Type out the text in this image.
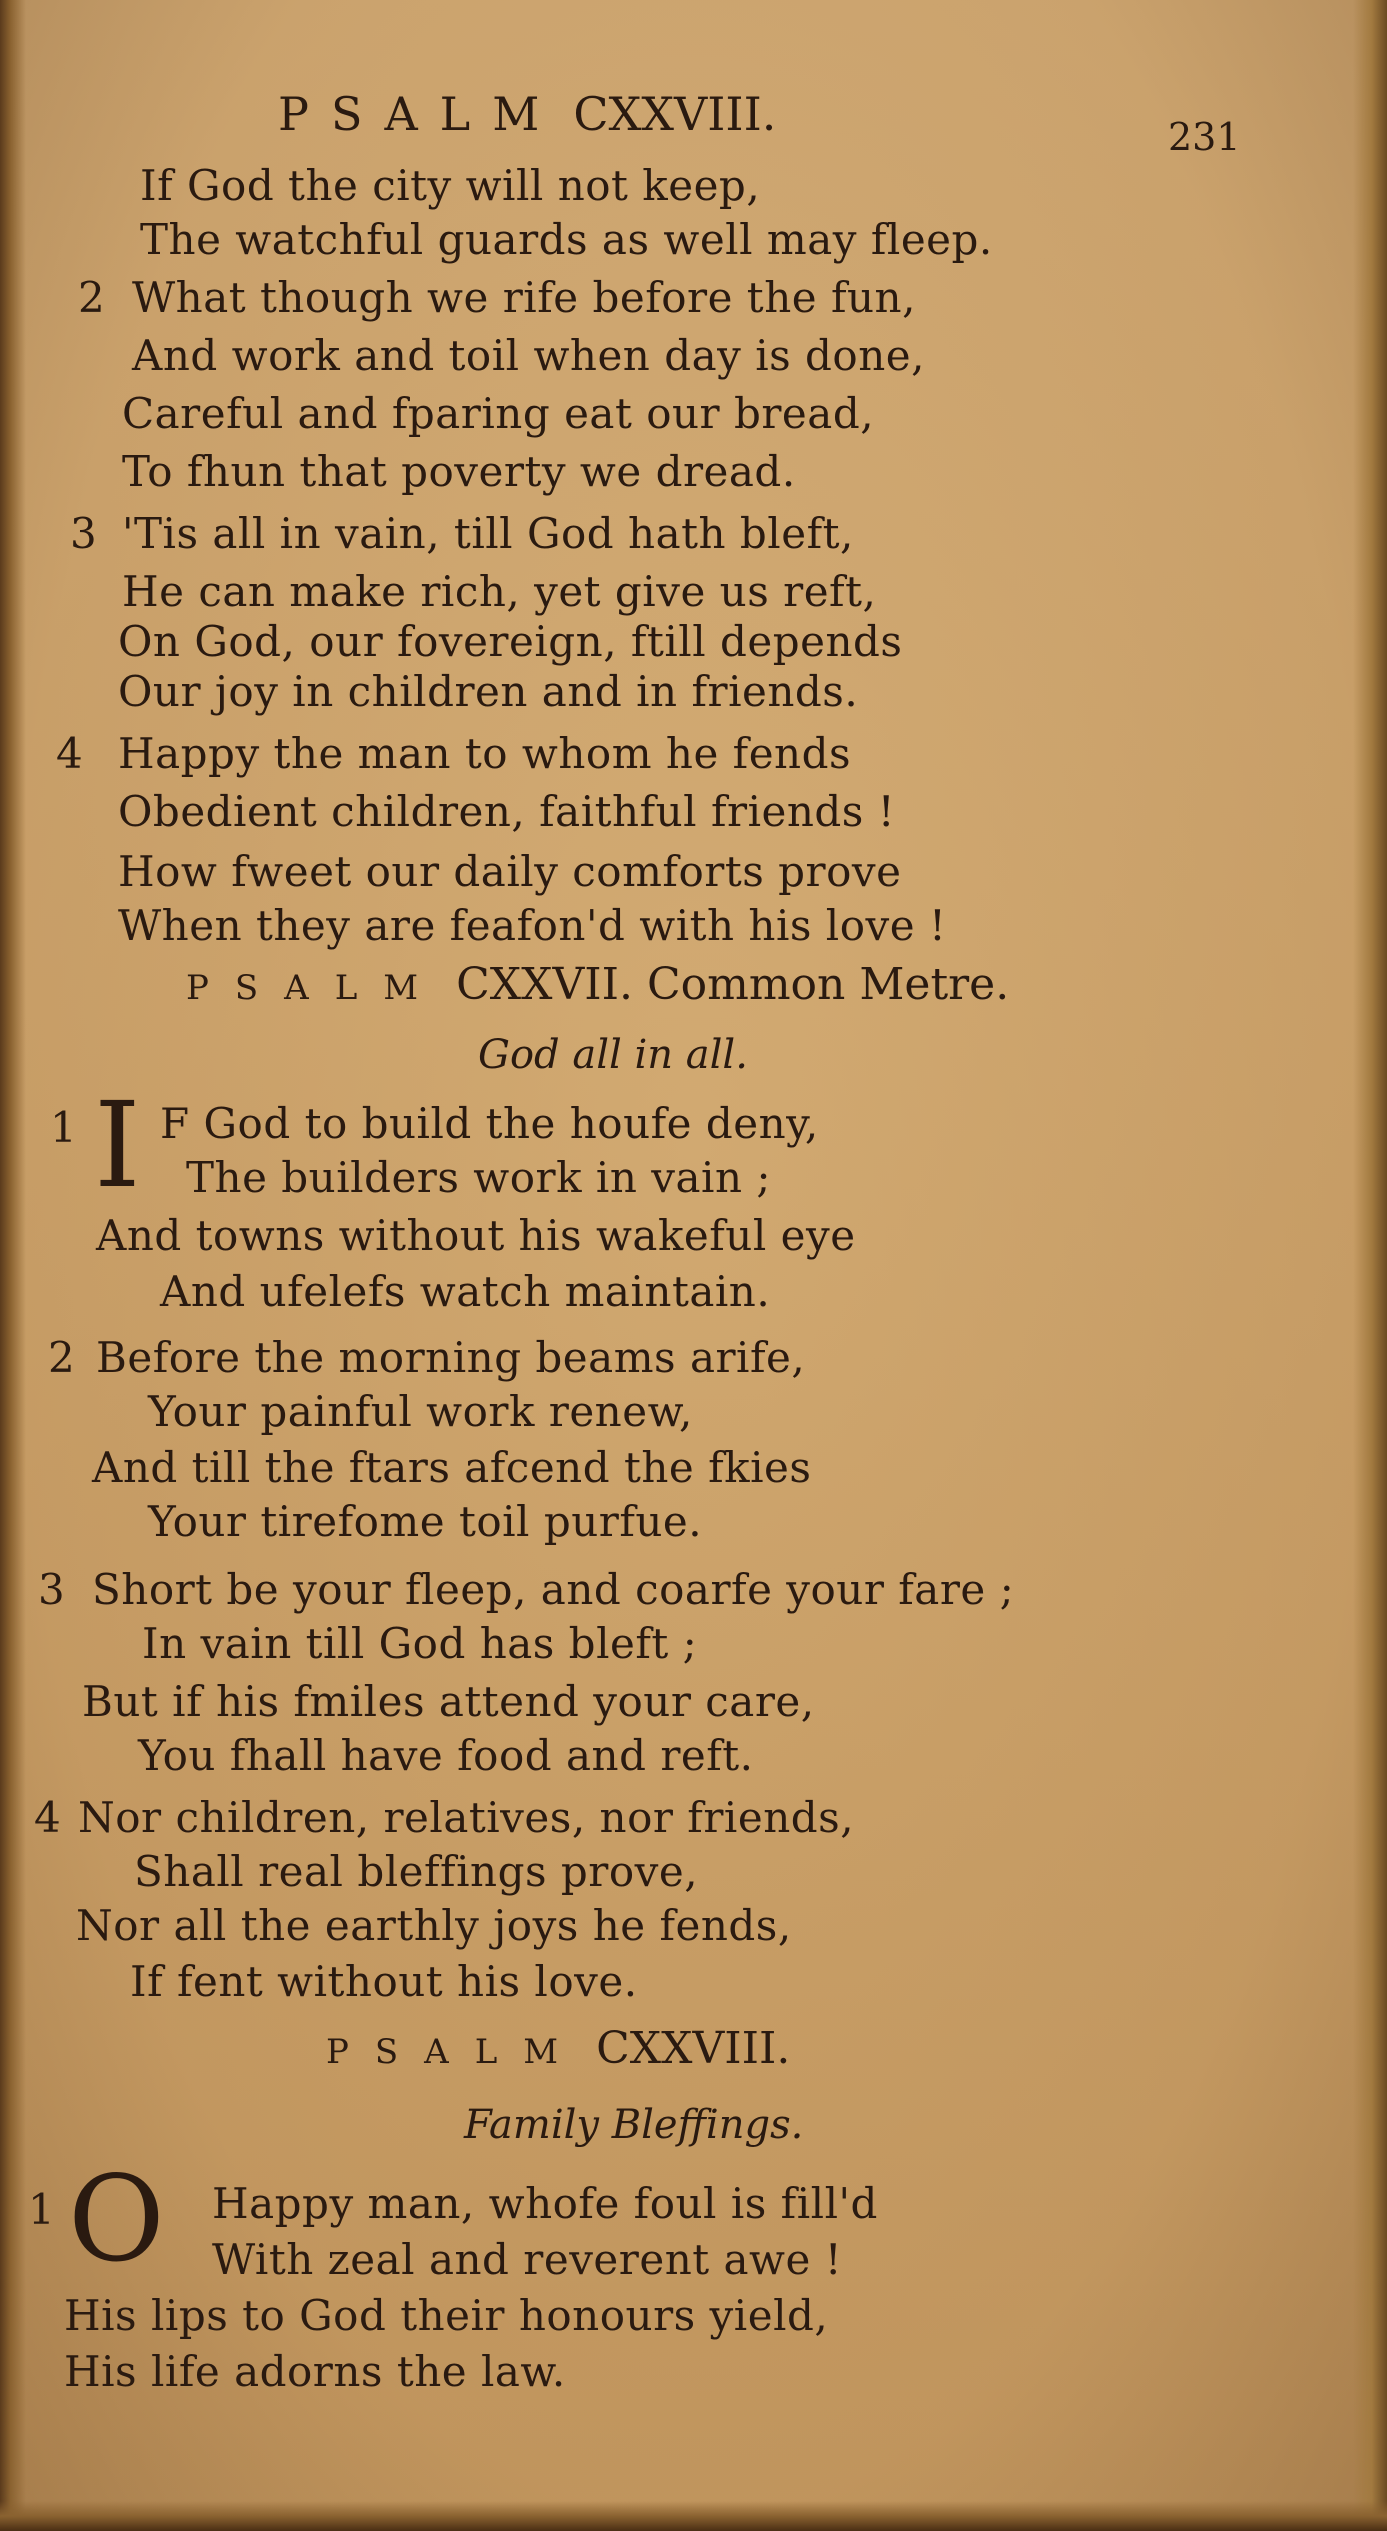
PSALM CXXVIII.	231
If God the city will not keep,
The watchful guards as well may fleep.
2 What though we rife before the fun,
And work and toil when day is done,
Careful and fparing eat our bread,
To fhun that poverty we dread.
3 'Tis all in vain, till God hath bleft,
He can make rich, yet give us reft,
On God, our fovereign, ftill depends
Our joy in children and in friends.
4 Happy the man to whom he fends
Obedient children, faithful friends !
How fweet our daily comforts prove
When they are feafon'd with his love !
PSALM CXXVII. Common Metre.
God all in all.
1 I F God to build the houfe deny,
The builders work in vain ;
And towns without his wakeful eye
And ufelefs watch maintain.
2 Before the morning beams arife,
Your painful work renew,
And till the ftars afcend the fkies
Your tirefome toil purfue.
3 Short be your fleep, and coarfe your fare ;
In vain till God has bleft ;
But if his fmiles attend your care,
You fhall have food and reft.
4 Nor children, relatives, nor friends,
Shall real bleffings prove,
Nor all the earthly joys he fends,
If fent without his love.
PSALM CXXVIII.
Family Bleffings.
1 O Happy man, whofe foul is fill'd
With zeal and reverent awe !
His lips to God their honours yield,
His life adorns the law.
